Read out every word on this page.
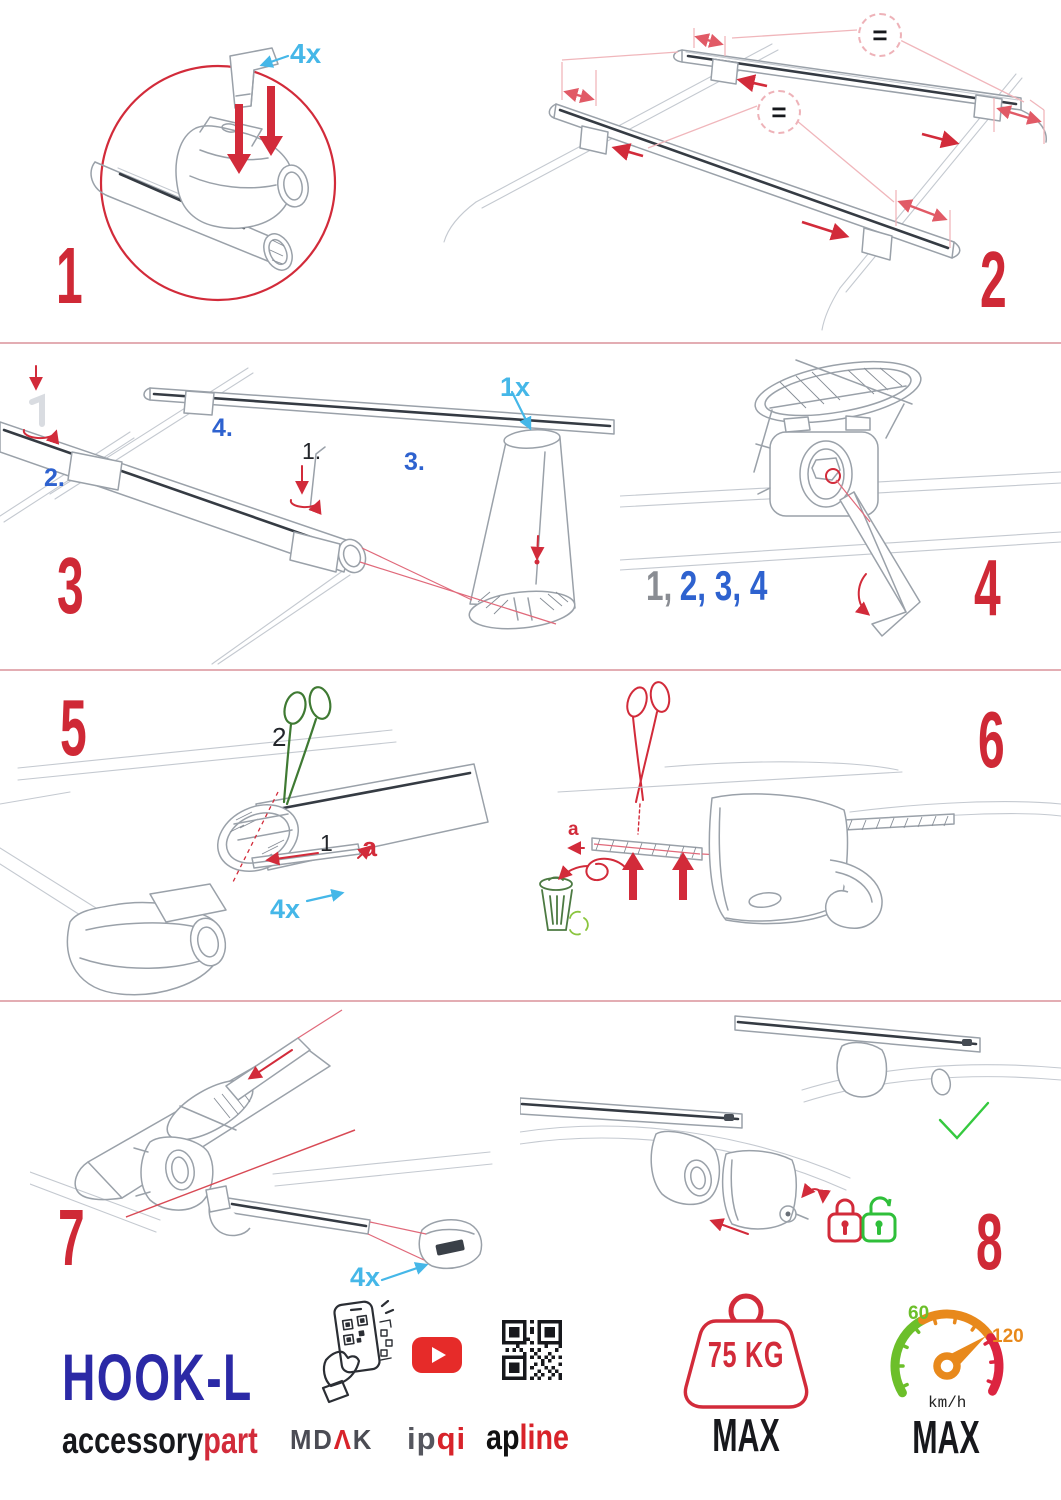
4x
1
=
=
2
1x
2.
4.
1.	3.
3	1, 2, 3, 4	4
2
1 a
4x
5
a
6
4x
7	8
HOOK-L
accessorypart MDΛK ipqi apline
75 KG
MAX
60
120
km/h
MAX
